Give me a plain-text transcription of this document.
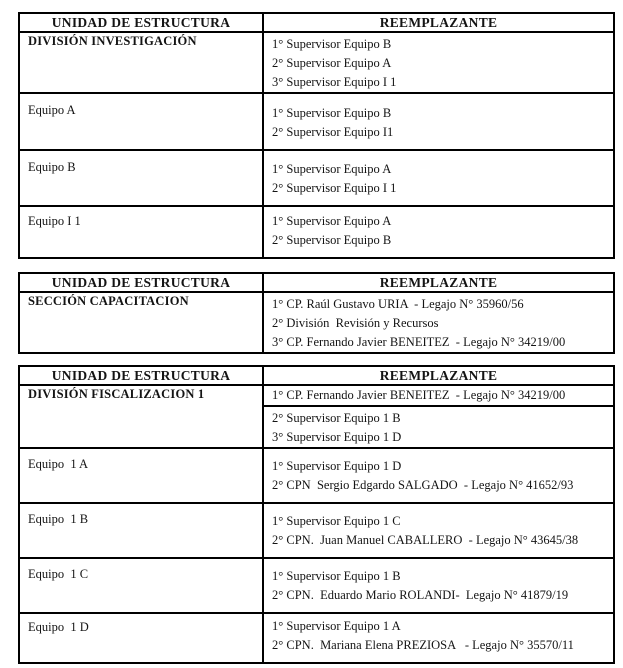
UNIDAD DE ESTRUCTURA	REEMPLAZANTE
DIVISIÓN INVESTIGACIÓN	1° Supervisor Equipo B
2° Supervisor Equipo A
3° Supervisor Equipo I 1

Equipo A	1° Supervisor Equipo B
2° Supervisor Equipo I1

Equipo B	1° Supervisor Equipo A
2° Supervisor Equipo I 1

Equipo I 1	1° Supervisor Equipo A
2° Supervisor Equipo B
UNIDAD DE ESTRUCTURA	REEMPLAZANTE
SECCIÓN CAPACITACION	1° CP. Raúl Gustavo URIA  - Legajo N° 35960/56
2° División  Revisión y Recursos
3° CP. Fernando Javier BENEITEZ  - Legajo N° 34219/00
UNIDAD DE ESTRUCTURA	REEMPLAZANTE
DIVISIÓN FISCALIZACION 1	1° CP. Fernando Javier BENEITEZ  - Legajo N° 34219/00

	2° Supervisor Equipo 1 B
3° Supervisor Equipo 1 D

Equipo  1 A	1° Supervisor Equipo 1 D
2° CPN  Sergio Edgardo SALGADO  - Legajo N° 41652/93

Equipo  1 B	1° Supervisor Equipo 1 C
2° CPN.  Juan Manuel CABALLERO  - Legajo N° 43645/38

Equipo  1 C	1° Supervisor Equipo 1 B
2° CPN.  Eduardo Mario ROLANDI-  Legajo N° 41879/19

Equipo  1 D	1° Supervisor Equipo 1 A
2° CPN.  Mariana Elena PREZIOSA   - Legajo N° 35570/11
